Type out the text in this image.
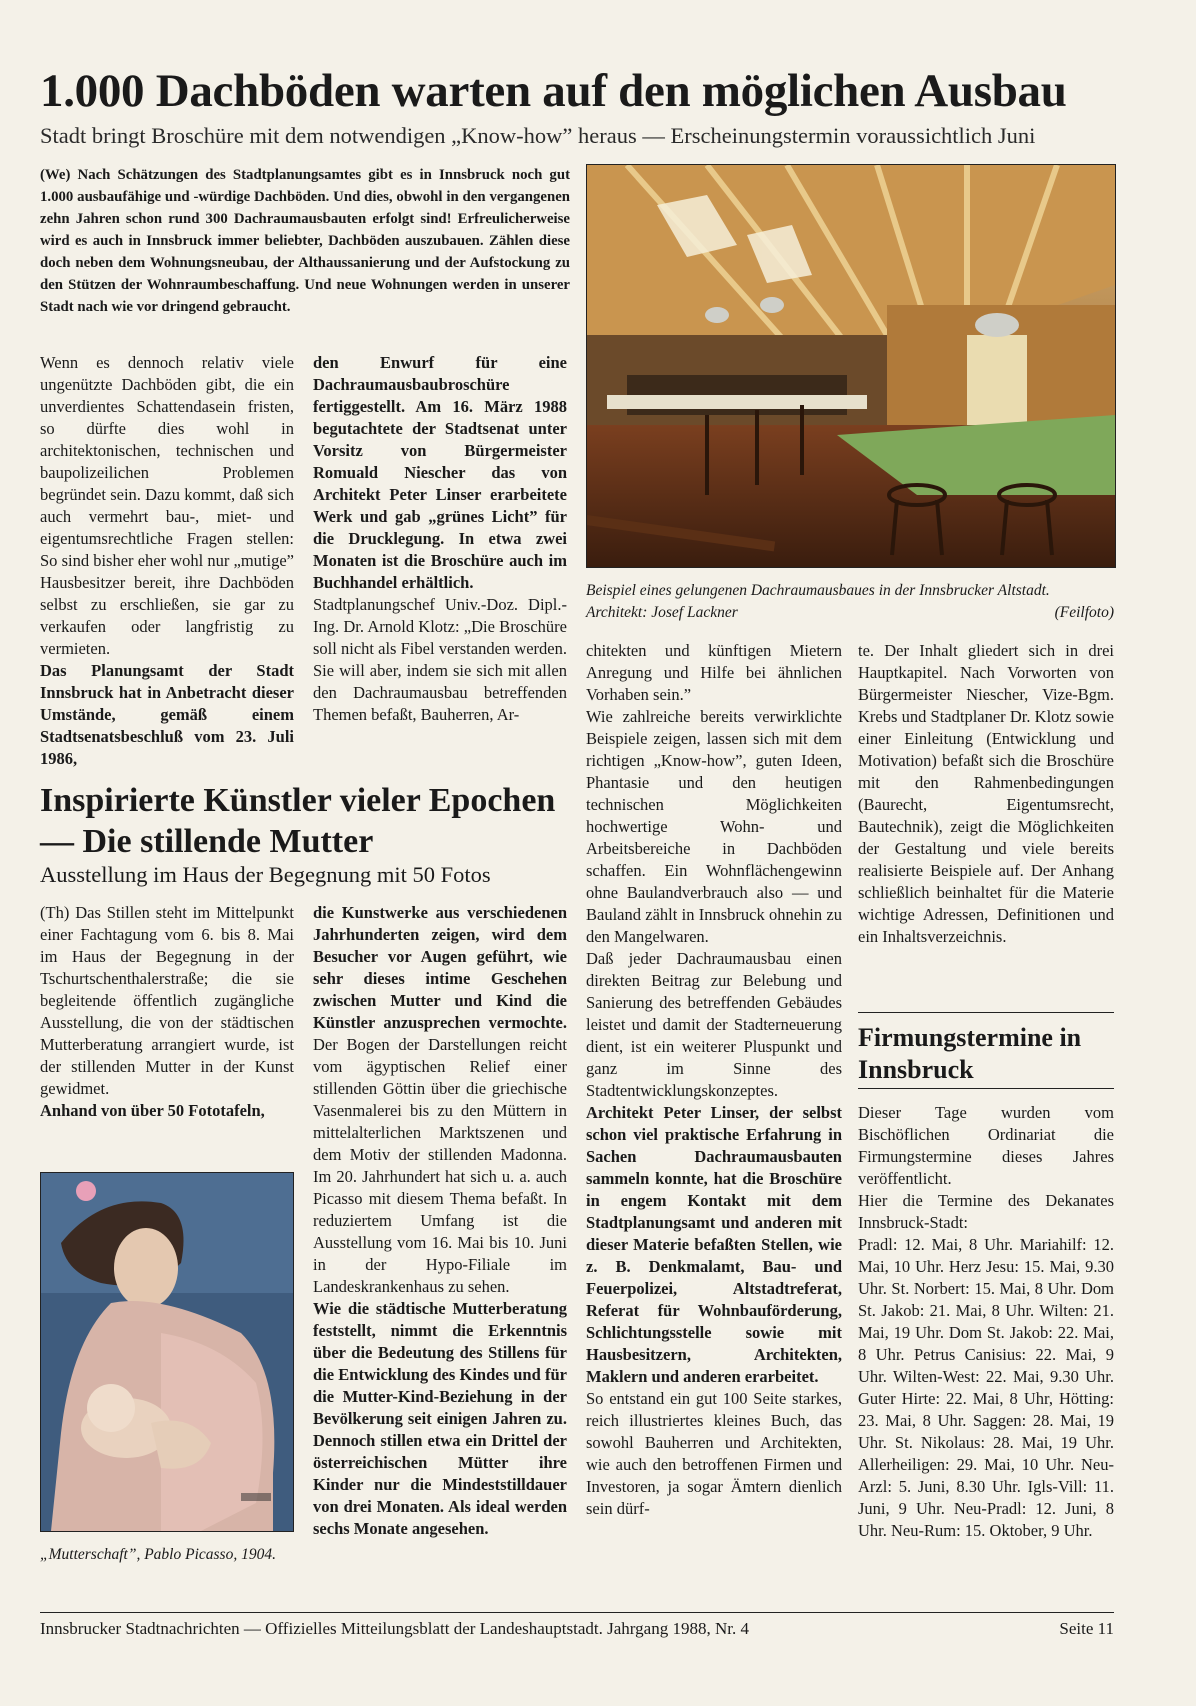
1.000 Dachböden warten auf den möglichen Ausbau
Stadt bringt Broschüre mit dem notwendigen „Know-how” heraus — Erscheinungstermin voraussichtlich Juni
(We) Nach Schätzungen des Stadtplanungsamtes gibt es in Innsbruck noch gut 1.000 ausbaufähige und -würdige Dachböden. Und dies, obwohl in den vergangenen zehn Jahren schon rund 300 Dachraumausbauten erfolgt sind! Erfreulicherweise wird es auch in Innsbruck immer beliebter, Dachböden auszubauen. Zählen diese doch neben dem Wohnungsneubau, der Althaussanierung und der Aufstockung zu den Stützen der Wohnraumbeschaffung. Und neue Wohnungen werden in unserer Stadt nach wie vor dringend gebraucht.

Wenn es dennoch relativ viele ungenützte Dachböden gibt, die ein unverdientes Schattendasein fristen, so dürfte dies wohl in architektonischen, technischen und baupolizeilichen Problemen begründet sein. Dazu kommt, daß sich auch vermehrt bau-, miet- und eigentumsrechtliche Fragen stellen: So sind bisher eher wohl nur „mutige” Hausbesitzer bereit, ihre Dachböden selbst zu erschließen, sie gar zu verkaufen oder langfristig zu vermieten.

Das Planungsamt der Stadt Innsbruck hat in Anbetracht dieser Umstände, gemäß einem Stadtsenatsbeschluß vom 23. Juli 1986,

den Enwurf für eine Dachraumausbaubroschüre fertiggestellt. Am 16. März 1988 begutachtete der Stadtsenat unter Vorsitz von Bürgermeister Romuald Niescher das von Architekt Peter Linser erarbeitete Werk und gab „grünes Licht” für die Drucklegung. In etwa zwei Monaten ist die Broschüre auch im Buchhandel erhältlich.

Stadtplanungschef Univ.-Doz. Dipl.-Ing. Dr. Arnold Klotz: „Die Broschüre soll nicht als Fibel verstanden werden. Sie will aber, indem sie sich mit allen den Dachraumausbau betreffenden Themen befaßt, Bauherren, Ar-

Beispiel eines gelungenen Dachraumausbaues in der Innsbrucker Altstadt. Architekt: Josef Lackner	(Feilfoto)

chitekten und künftigen Mietern Anregung und Hilfe bei ähnlichen Vorhaben sein.”

Wie zahlreiche bereits verwirklichte Beispiele zeigen, lassen sich mit dem richtigen „Know-how”, guten Ideen, Phantasie und den heutigen technischen Möglichkeiten hochwertige Wohn- und Arbeitsbereiche in Dachböden schaffen. Ein Wohnflächengewinn ohne Baulandverbrauch also — und Bauland zählt in Innsbruck ohnehin zu den Mangelwaren.

Daß jeder Dachraumausbau einen direkten Beitrag zur Belebung und Sanierung des betreffenden Gebäudes leistet und damit der Stadterneuerung dient, ist ein weiterer Pluspunkt und ganz im Sinne des Stadtentwicklungskonzeptes.

Architekt Peter Linser, der selbst schon viel praktische Erfahrung in Sachen Dachraumausbauten sammeln konnte, hat die Broschüre in engem Kontakt mit dem Stadtplanungsamt und anderen mit dieser Materie befaßten Stellen, wie z. B. Denkmalamt, Bau- und Feuerpolizei, Altstadtreferat, Referat für Wohnbauförderung, Schlichtungsstelle sowie mit Hausbesitzern, Architekten, Maklern und anderen erarbeitet.

So entstand ein gut 100 Seite starkes, reich illustriertes kleines Buch, das sowohl Bauherren und Architekten, wie auch den betroffenen Firmen und Investoren, ja sogar Ämtern dienlich sein dürf-

te. Der Inhalt gliedert sich in drei Hauptkapitel. Nach Vorworten von Bürgermeister Niescher, Vize-Bgm. Krebs und Stadtplaner Dr. Klotz sowie einer Einleitung (Entwicklung und Motivation) befaßt sich die Broschüre mit den Rahmenbedingungen (Baurecht, Eigentumsrecht, Bautechnik), zeigt die Möglichkeiten der Gestaltung und viele bereits realisierte Beispiele auf. Der Anhang schließlich beinhaltet für die Materie wichtige Adressen, Definitionen und ein Inhaltsverzeichnis.

Inspirierte Künstler vieler Epochen — Die stillende Mutter
Ausstellung im Haus der Begegnung mit 50 Fotos

(Th) Das Stillen steht im Mittelpunkt einer Fachtagung vom 6. bis 8. Mai im Haus der Begegnung in der Tschurtschenthalerstraße; die sie begleitende öffentlich zugängliche Ausstellung, die von der städtischen Mutterberatung arrangiert wurde, ist der stillenden Mutter in der Kunst gewidmet.

Anhand von über 50 Fototafeln,

„Mutterschaft”, Pablo Picasso, 1904.

die Kunstwerke aus verschiedenen Jahrhunderten zeigen, wird dem Besucher vor Augen geführt, wie sehr dieses intime Geschehen zwischen Mutter und Kind die Künstler anzusprechen vermochte. Der Bogen der Darstellungen reicht vom ägyptischen Relief einer stillenden Göttin über die griechische Vasenmalerei bis zu den Müttern in mittelalterlichen Marktszenen und dem Motiv der stillenden Madonna. Im 20. Jahrhundert hat sich u. a. auch Picasso mit diesem Thema befaßt. In reduziertem Umfang ist die Ausstellung vom 16. Mai bis 10. Juni in der Hypo-Filiale im Landeskrankenhaus zu sehen.

Wie die städtische Mutterberatung feststellt, nimmt die Erkenntnis über die Bedeutung des Stillens für die Entwicklung des Kindes und für die Mutter-Kind-Beziehung in der Bevölkerung seit einigen Jahren zu. Dennoch stillen etwa ein Drittel der österreichischen Mütter ihre Kinder nur die Mindeststilldauer von drei Monaten. Als ideal werden sechs Monate angesehen.

Firmungstermine in Innsbruck

Dieser Tage wurden vom Bischöflichen Ordinariat die Firmungstermine dieses Jahres veröffentlicht.

Hier die Termine des Dekanates Innsbruck-Stadt:

Pradl: 12. Mai, 8 Uhr. Mariahilf: 12. Mai, 10 Uhr. Herz Jesu: 15. Mai, 9.30 Uhr. St. Norbert: 15. Mai, 8 Uhr. Dom St. Jakob: 21. Mai, 8 Uhr. Wilten: 21. Mai, 19 Uhr. Dom St. Jakob: 22. Mai, 8 Uhr. Petrus Canisius: 22. Mai, 9 Uhr. Wilten-West: 22. Mai, 9.30 Uhr. Guter Hirte: 22. Mai, 8 Uhr, Hötting: 23. Mai, 8 Uhr. Saggen: 28. Mai, 19 Uhr. St. Nikolaus: 28. Mai, 19 Uhr. Allerheiligen: 29. Mai, 10 Uhr. Neu-Arzl: 5. Juni, 8.30 Uhr. Igls-Vill: 11. Juni, 9 Uhr. Neu-Pradl: 12. Juni, 8 Uhr. Neu-Rum: 15. Oktober, 9 Uhr.

Innsbrucker Stadtnachrichten — Offizielles Mitteilungsblatt der Landeshauptstadt. Jahrgang 1988, Nr. 4	Seite 11
